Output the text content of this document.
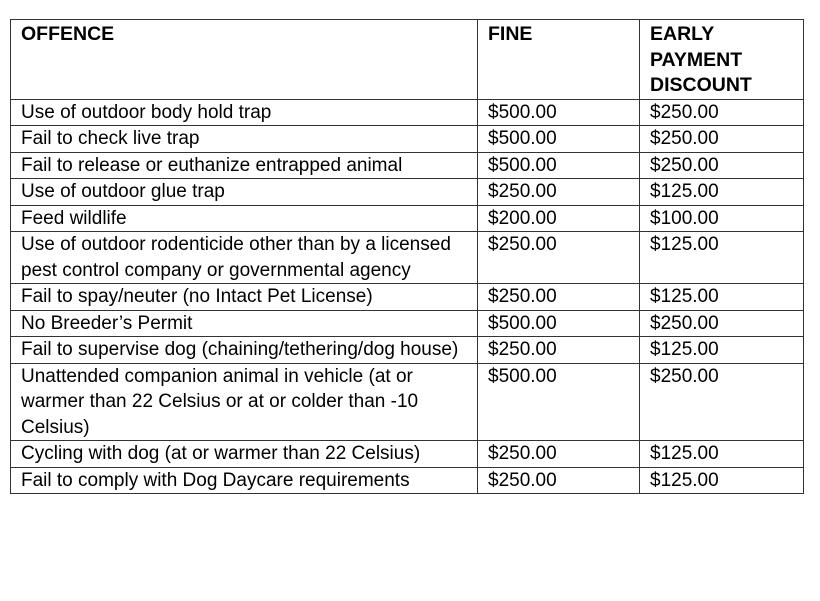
OFFENCE	FINE	EARLY PAYMENT DISCOUNT
Use of outdoor body hold trap	$500.00	$250.00
Fail to check live trap	$500.00	$250.00
Fail to release or euthanize entrapped animal	$500.00	$250.00
Use of outdoor glue trap	$250.00	$125.00
Feed wildlife	$200.00	$100.00
Use of outdoor rodenticide other than by a licensed pest control company or governmental agency	$250.00	$125.00
Fail to spay/neuter (no Intact Pet License)	$250.00	$125.00
No Breeder’s Permit	$500.00	$250.00
Fail to supervise dog (chaining/tethering/dog house)	$250.00	$125.00
Unattended companion animal in vehicle (at or warmer than 22 Celsius or at or colder than -10 Celsius)	$500.00	$250.00
Cycling with dog (at or warmer than 22 Celsius)	$250.00	$125.00
Fail to comply with Dog Daycare requirements	$250.00	$125.00
